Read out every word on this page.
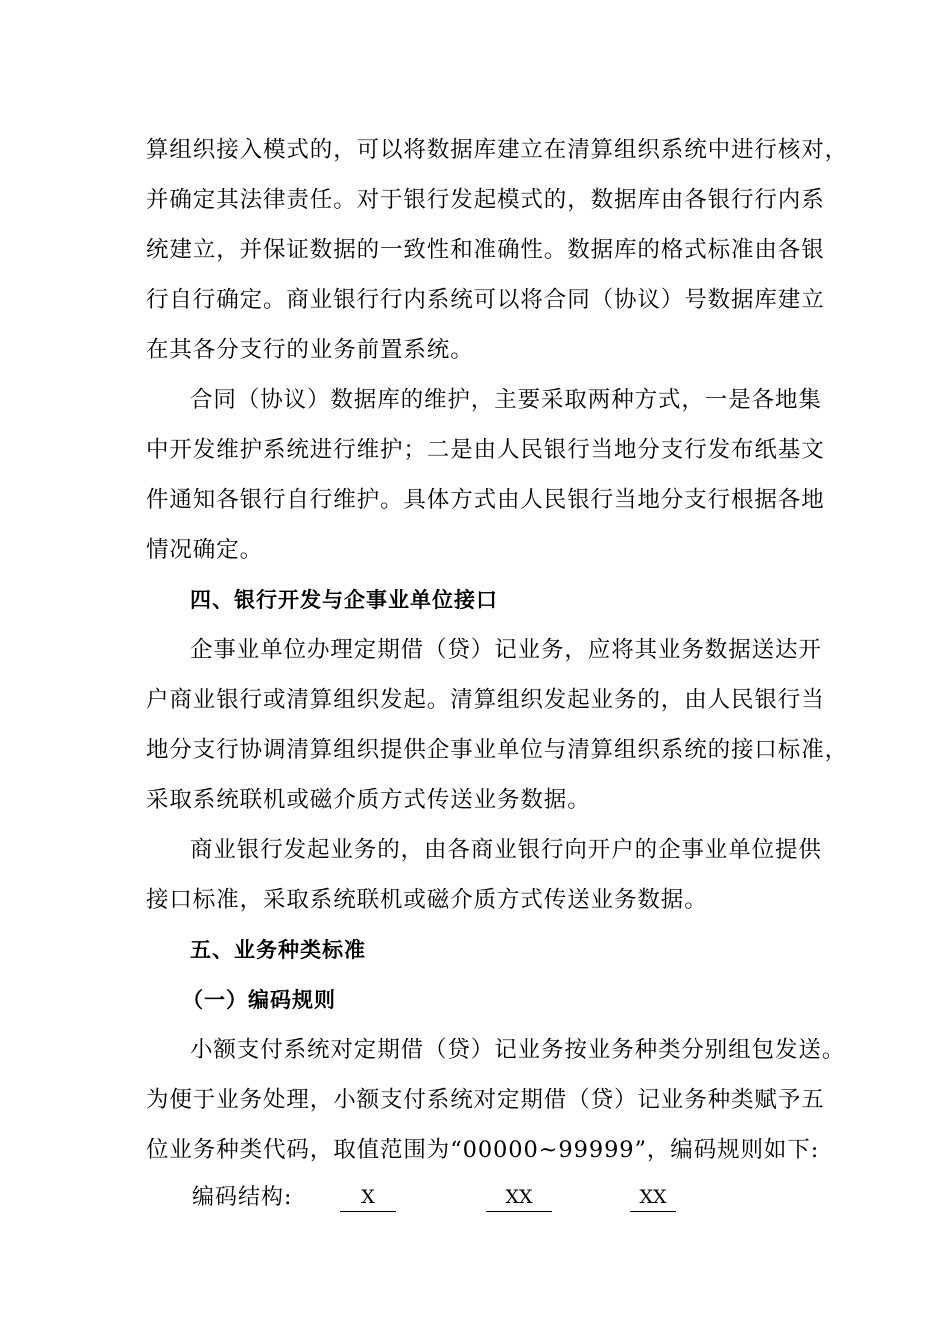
算组织接入模式的，可以将数据库建立在清算组织系统中进行核对，
并确定其法律责任。对于银行发起模式的，数据库由各银行行内系
统建立，并保证数据的一致性和准确性。数据库的格式标准由各银
行自行确定。商业银行行内系统可以将合同（协议）号数据库建立
在其各分支行的业务前置系统。
合同（协议）数据库的维护，主要采取两种方式，一是各地集
中开发维护系统进行维护；二是由人民银行当地分支行发布纸基文
件通知各银行自行维护。具体方式由人民银行当地分支行根据各地
情况确定。
四、银行开发与企事业单位接口
企事业单位办理定期借（贷）记业务，应将其业务数据送达开
户商业银行或清算组织发起。清算组织发起业务的，由人民银行当
地分支行协调清算组织提供企事业单位与清算组织系统的接口标准，
采取系统联机或磁介质方式传送业务数据。
商业银行发起业务的，由各商业银行向开户的企事业单位提供
接口标准，采取系统联机或磁介质方式传送业务数据。
五、业务种类标准
（一）编码规则
小额支付系统对定期借（贷）记业务按业务种类分别组包发送。
为便于业务处理，小额支付系统对定期借（贷）记业务种类赋予五
位业务种类代码，取值范围为“00000~99999”，编码规则如下:
编码结构:	X	XX	XX
